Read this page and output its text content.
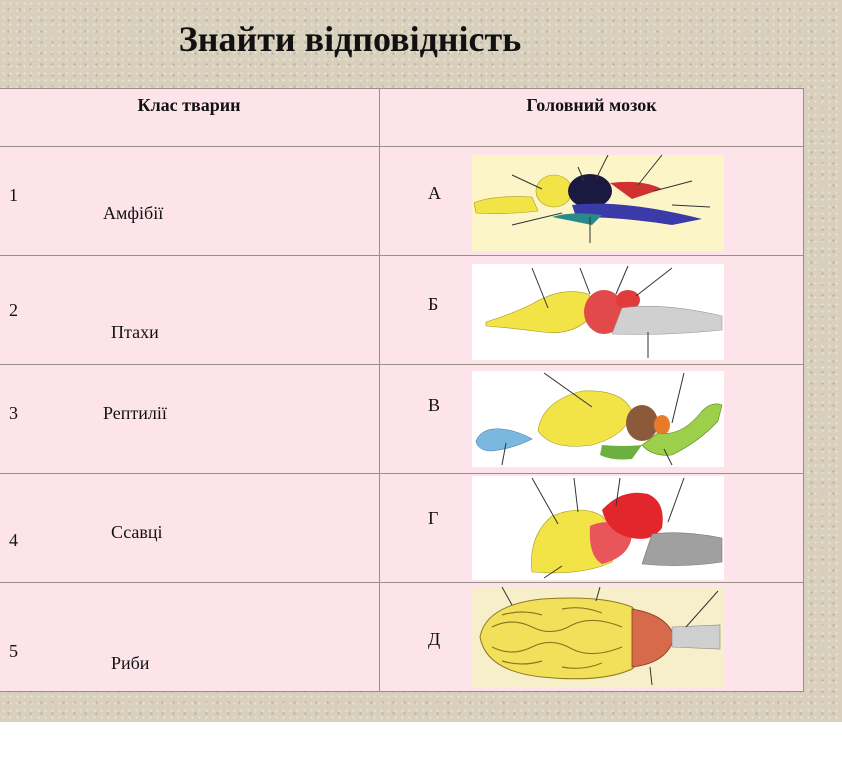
Знайти відповідність
Клас тварин	Головний мозок

1
Амфібії	А

2
Птахи	Б

3 Рептилії	В

4 Ссавці	Г

5
Риби	Д
